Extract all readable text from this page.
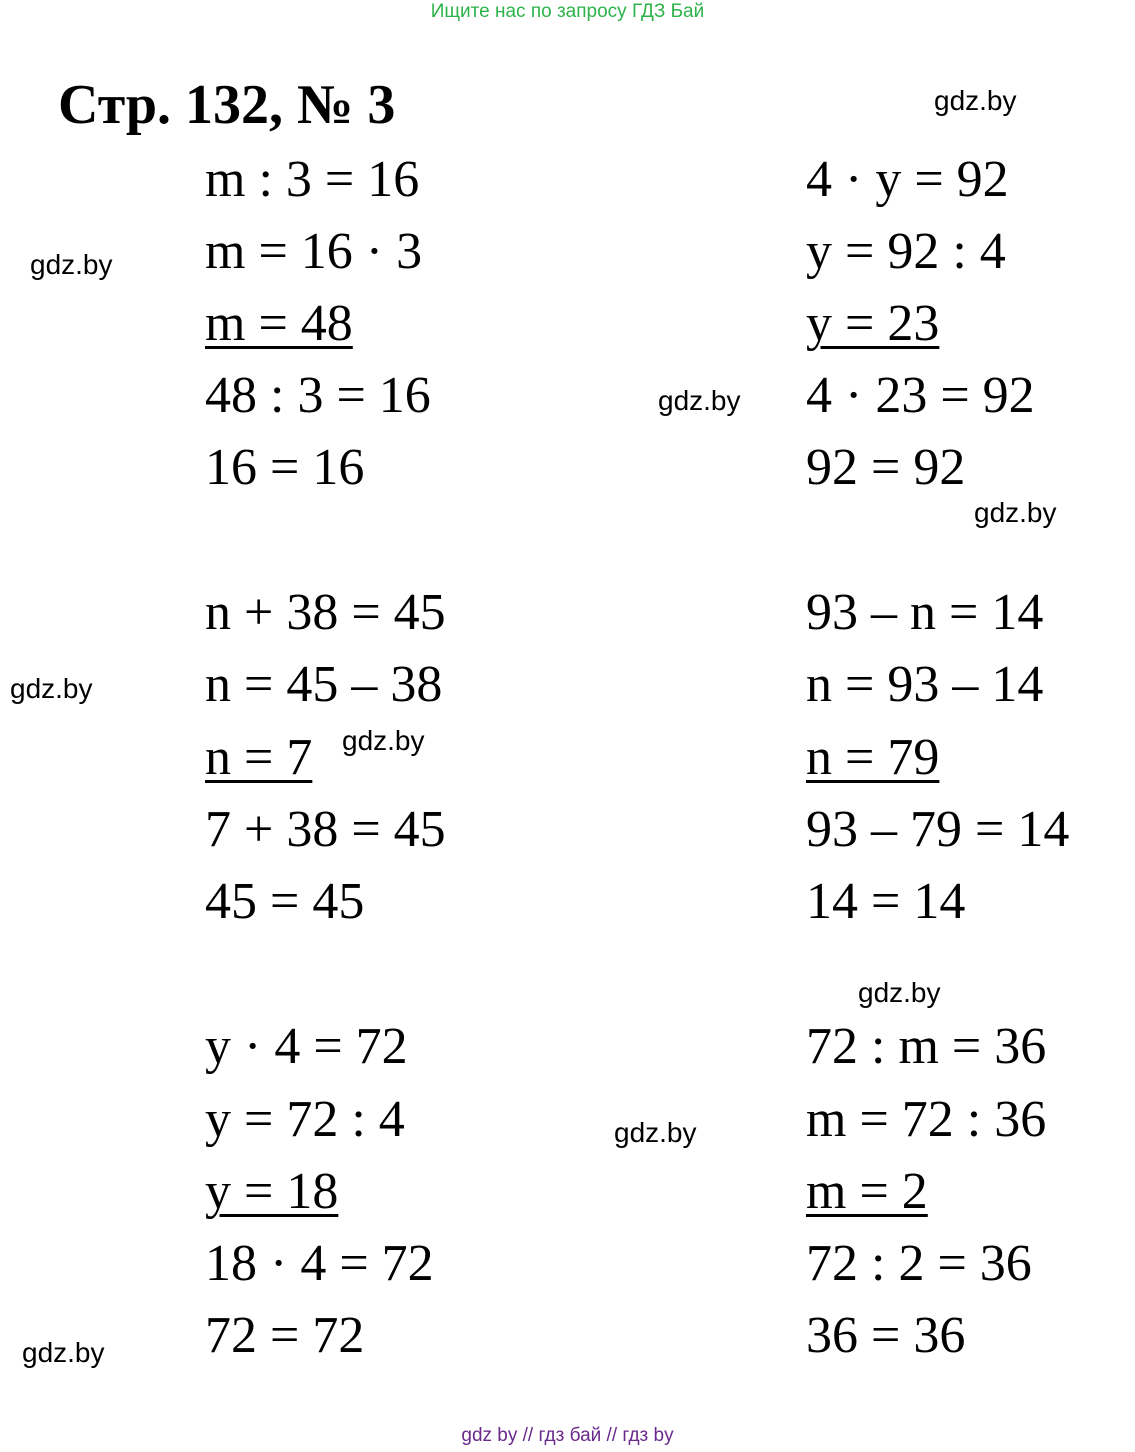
Ищите нас по запросу ГДЗ Бай
Стр. 132, № 3	gdz.by
gdz.by
gdz.by
gdz.by
gdz.by
gdz.by
gdz.by
gdz.by
gdz.by
m : 3 = 16
m = 16 · 3
m = 48
48 : 3 = 16
16 = 16
4 · y = 92
y = 92 : 4
y = 23
4 · 23 = 92
92 = 92
n + 38 = 45
n = 45 – 38
n = 7
7 + 38 = 45
45 = 45
93 – n = 14
n = 93 – 14
n = 79
93 – 79 = 14
14 = 14
y · 4 = 72
y = 72 : 4
y = 18
18 · 4 = 72
72 = 72
72 : m = 36
m = 72 : 36
m = 2
72 : 2 = 36
36 = 36
gdz by // гдз бай // гдз by
